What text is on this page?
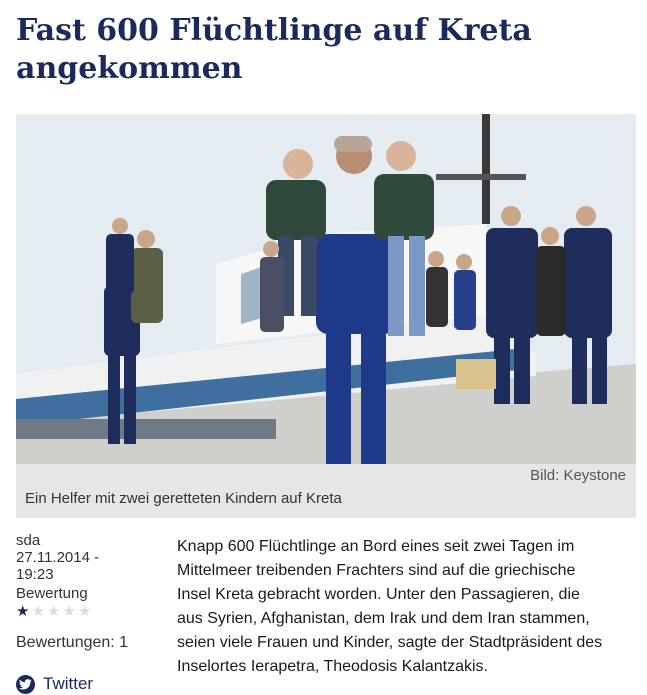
Fast 600 Flüchtlinge auf Kreta
angekommen
Bild: Keystone
Ein Helfer mit zwei geretteten Kindern auf Kreta
sda
27.11.2014 -
19:23
Bewertung
★ ★ ★ ★ ★
Bewertungen: 1
Twitter
Knapp 600 Flüchtlinge an Bord eines seit zwei Tagen im
Mittelmeer treibenden Frachters sind auf die griechische
Insel Kreta gebracht worden. Unter den Passagieren, die
aus Syrien, Afghanistan, dem Irak und dem Iran stammen,
seien viele Frauen und Kinder, sagte der Stadtpräsident des
Inselortes Ierapetra, Theodosis Kalantzakis.
